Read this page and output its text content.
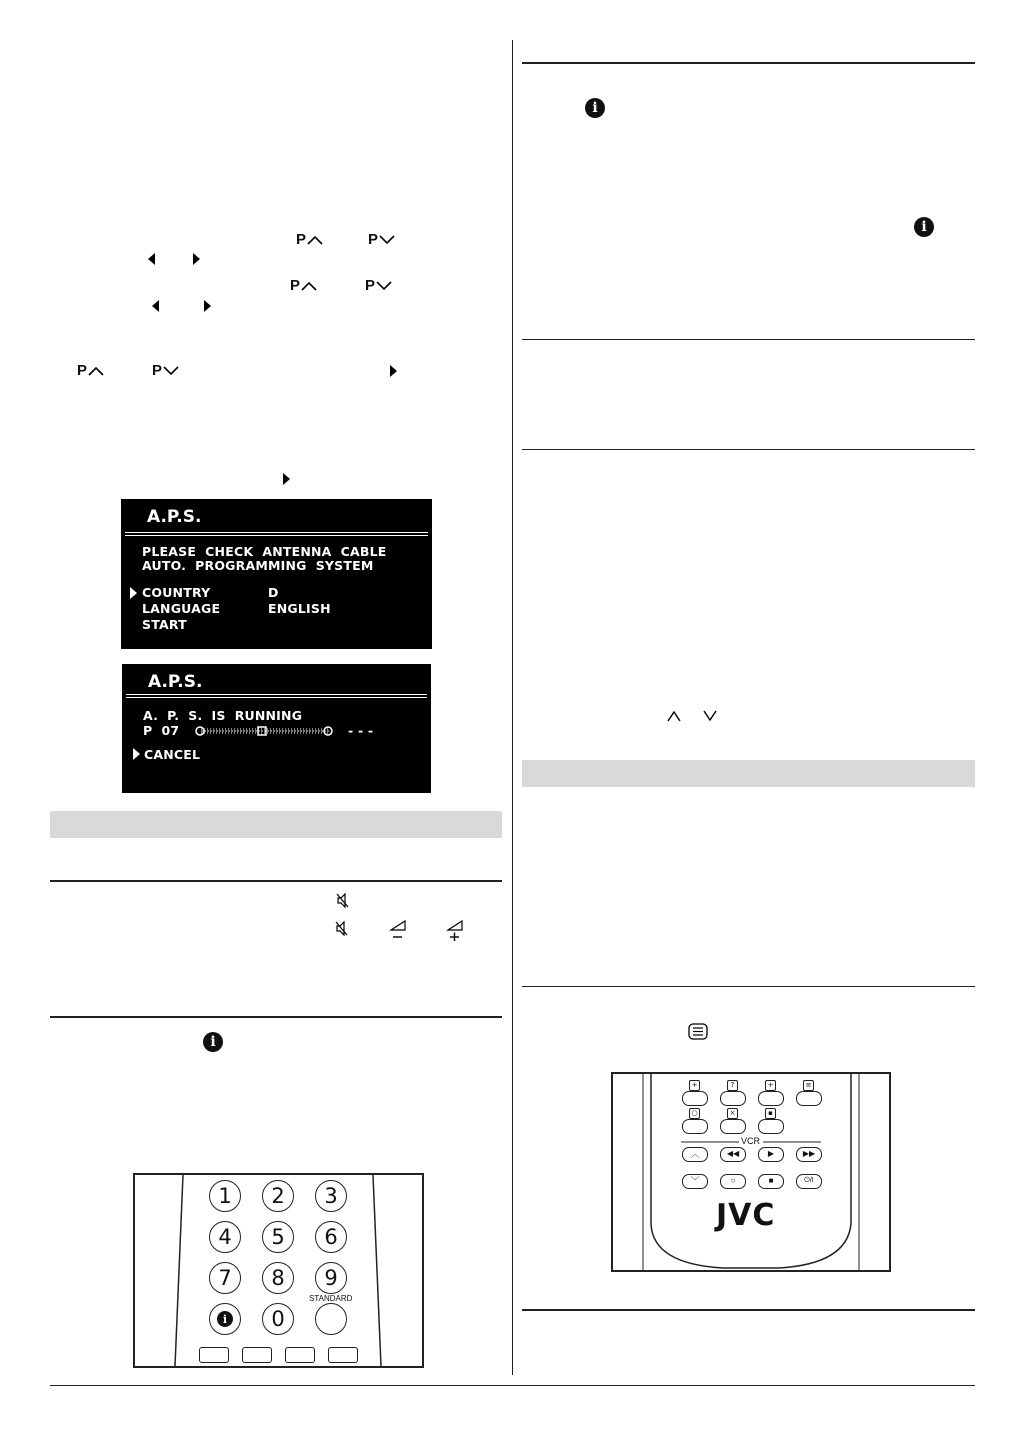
P	P
P	P
P	P
A.P.S.
PLEASE  CHECK  ANTENNA  CABLE
AUTO.  PROGRAMMING  SYSTEM
COUNTRY	D
LANGUAGE	ENGLISH
START
A.P.S.
A.  P.  S.  IS  RUNNING
P  07	- - -
CANCEL
i
1	2	3
4	5	6
7	8	9
STANDARD
i	0
i
i
+	?	+	≡
○	×	▪
VCR
︿	◀◀	▶	▶▶
﹀	○	■	⏻/I
JVC
